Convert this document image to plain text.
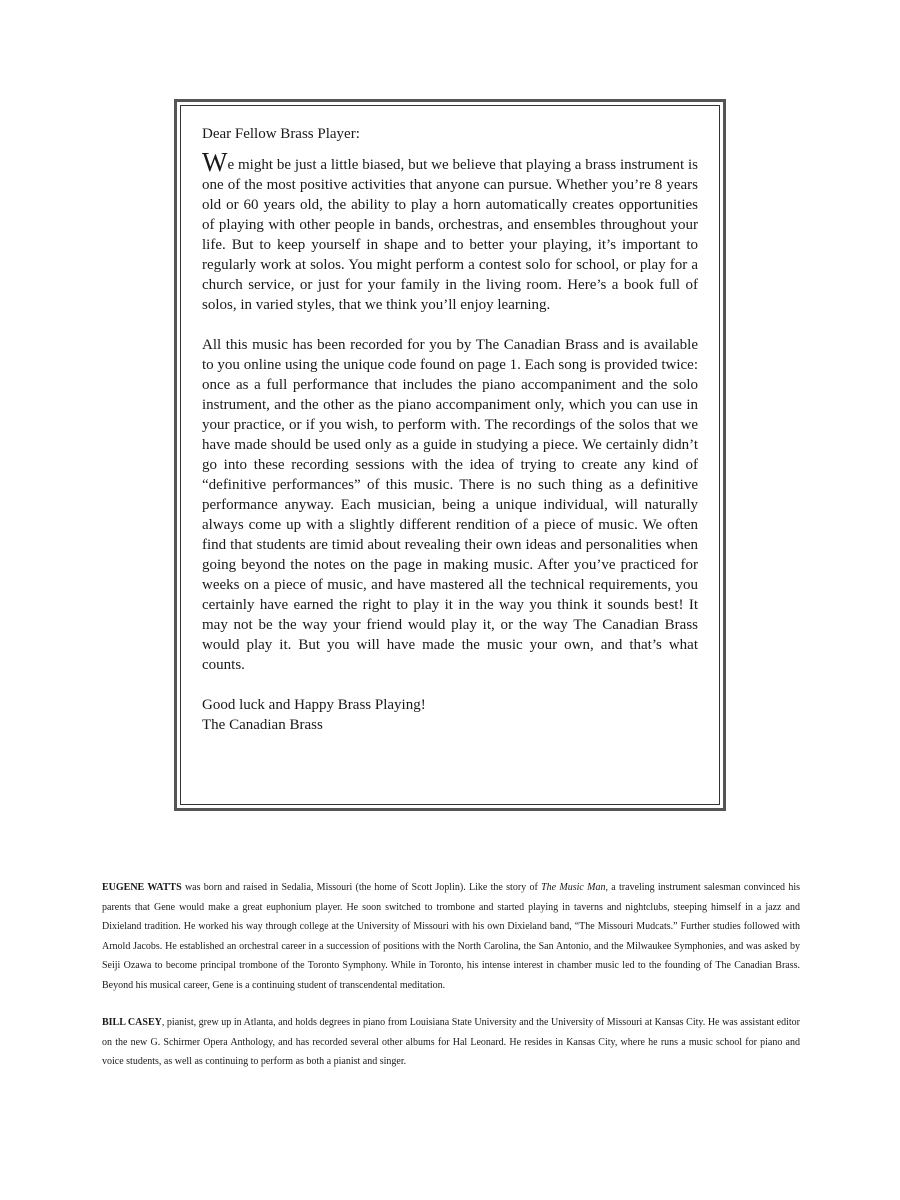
Dear Fellow Brass Player:

We might be just a little biased, but we believe that playing a brass instrument is one of the most positive activities that anyone can pursue. Whether you’re 8 years old or 60 years old, the ability to play a horn automatically creates opportunities of playing with other people in bands, orchestras, and ensembles throughout your life. But to keep yourself in shape and to better your playing, it’s important to regularly work at solos. You might perform a contest solo for school, or play for a church service, or just for your family in the living room. Here’s a book full of solos, in varied styles, that we think you’ll enjoy learning.

All this music has been recorded for you by The Canadian Brass and is available to you online using the unique code found on page 1. Each song is provided twice: once as a full performance that includes the piano accompaniment and the solo instrument, and the other as the piano accompaniment only, which you can use in your practice, or if you wish, to perform with. The recordings of the solos that we have made should be used only as a guide in studying a piece. We certainly didn’t go into these recording sessions with the idea of trying to create any kind of “definitive performances” of this music. There is no such thing as a definitive performance anyway. Each musician, being a unique individual, will naturally always come up with a slightly different rendition of a piece of music. We often find that students are timid about revealing their own ideas and personalities when going beyond the notes on the page in making music. After you’ve practiced for weeks on a piece of music, and have mastered all the technical requirements, you certainly have earned the right to play it in the way you think it sounds best! It may not be the way your friend would play it, or the way The Canadian Brass would play it. But you will have made the music your own, and that’s what counts.

Good luck and Happy Brass Playing!
The Canadian Brass

EUGENE WATTS was born and raised in Sedalia, Missouri (the home of Scott Joplin). Like the story of The Music Man, a traveling instrument salesman convinced his parents that Gene would make a great euphonium player. He soon switched to trombone and started playing in taverns and nightclubs, steeping himself in a jazz and Dixieland tradition. He worked his way through college at the University of Missouri with his own Dixieland band, “The Missouri Mudcats.” Further studies followed with Arnold Jacobs. He established an orchestral career in a succession of positions with the North Carolina, the San Antonio, and the Milwaukee Symphonies, and was asked by Seiji Ozawa to become principal trombone of the Toronto Symphony. While in Toronto, his intense interest in chamber music led to the founding of The Canadian Brass. Beyond his musical career, Gene is a continuing student of transcendental meditation.

BILL CASEY, pianist, grew up in Atlanta, and holds degrees in piano from Louisiana State University and the University of Missouri at Kansas City. He was assistant editor on the new G. Schirmer Opera Anthology, and has recorded several other albums for Hal Leonard. He resides in Kansas City, where he runs a music school for piano and voice students, as well as continuing to perform as both a pianist and singer.
